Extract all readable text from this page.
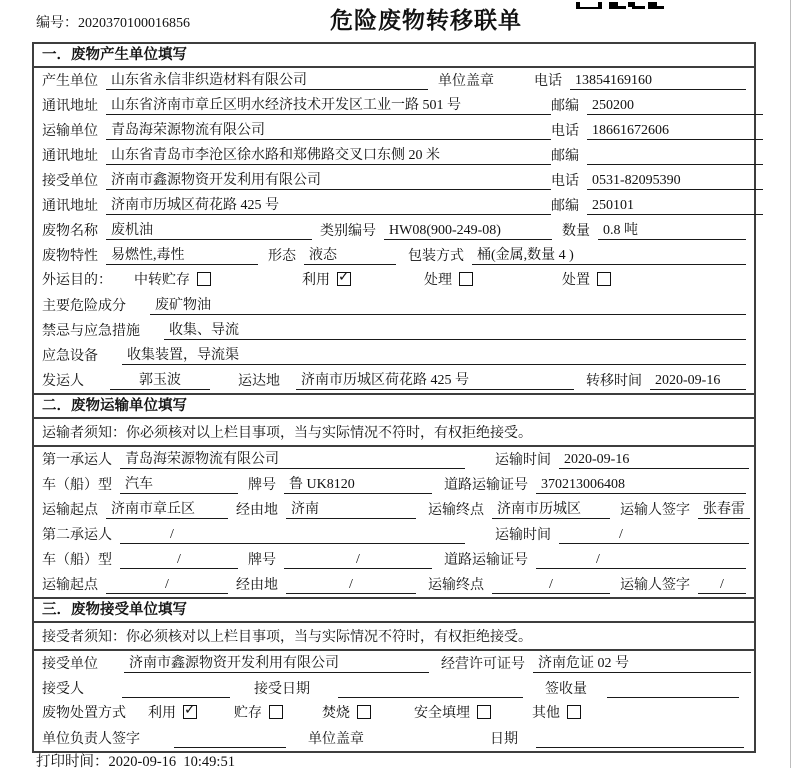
编号：2020370100016856	危险废物转移联单
一．废物产生单位填写
产生单位 山东省永信非织造材料有限公司	单位盖章	电话 13854169160
通讯地址 山东省济南市章丘区明水经济技术开发区工业一路 501 号	邮编 250200
运输单位 青岛海荣源物流有限公司	电话 18661672606
通讯地址 山东省青岛市李沧区徐水路和郑佛路交叉口东侧 20 米	邮编
接受单位 济南市鑫源物资开发利用有限公司	电话 0531-82095390
通讯地址 济南市历城区荷花路 425 号	邮编 250101
废物名称 废机油	类别编号 HW08(900-249-08)	数量 0.8 吨
废物特性 易燃性,毒性	形态 液态	包装方式 桶(金属,数量 4 )
外运目的： 中转贮存	利用 ✓	处理	处置
主要危险成分	废矿物油
禁忌与应急措施	收集、导流
应急设备	收集装置，导流渠
发运人	郭玉波	运达地	济南市历城区荷花路 425 号	转移时间 2020-09-16
二．废物运输单位填写
运输者须知：你必须核对以上栏目事项，当与实际情况不符时，有权拒绝接受。
第一承运人 青岛海荣源物流有限公司	运输时间 2020-09-16
车（船）型 汽车	牌号 鲁 UK8120	道路运输证号 370213006408
运输起点 济南市章丘区	经由地 济南	运输终点 济南市历城区	运输人签字 张春雷
第二承运人	/	运输时间	/
车（船）型	/	牌号	/	道路运输证号	/
运输起点	/	经由地	/	运输终点	/	运输人签字	/
三．废物接受单位填写
接受者须知：你必须核对以上栏目事项，当与实际情况不符时，有权拒绝接受。
接受单位	济南市鑫源物资开发利用有限公司	经营许可证号 济南危证 02 号
接受人	接受日期	签收量
废物处置方式 利用 ✓	贮存	焚烧	安全填埋	其他
单位负责人签字	单位盖章	日期
打印时间：2020-09-16  10:49:51
